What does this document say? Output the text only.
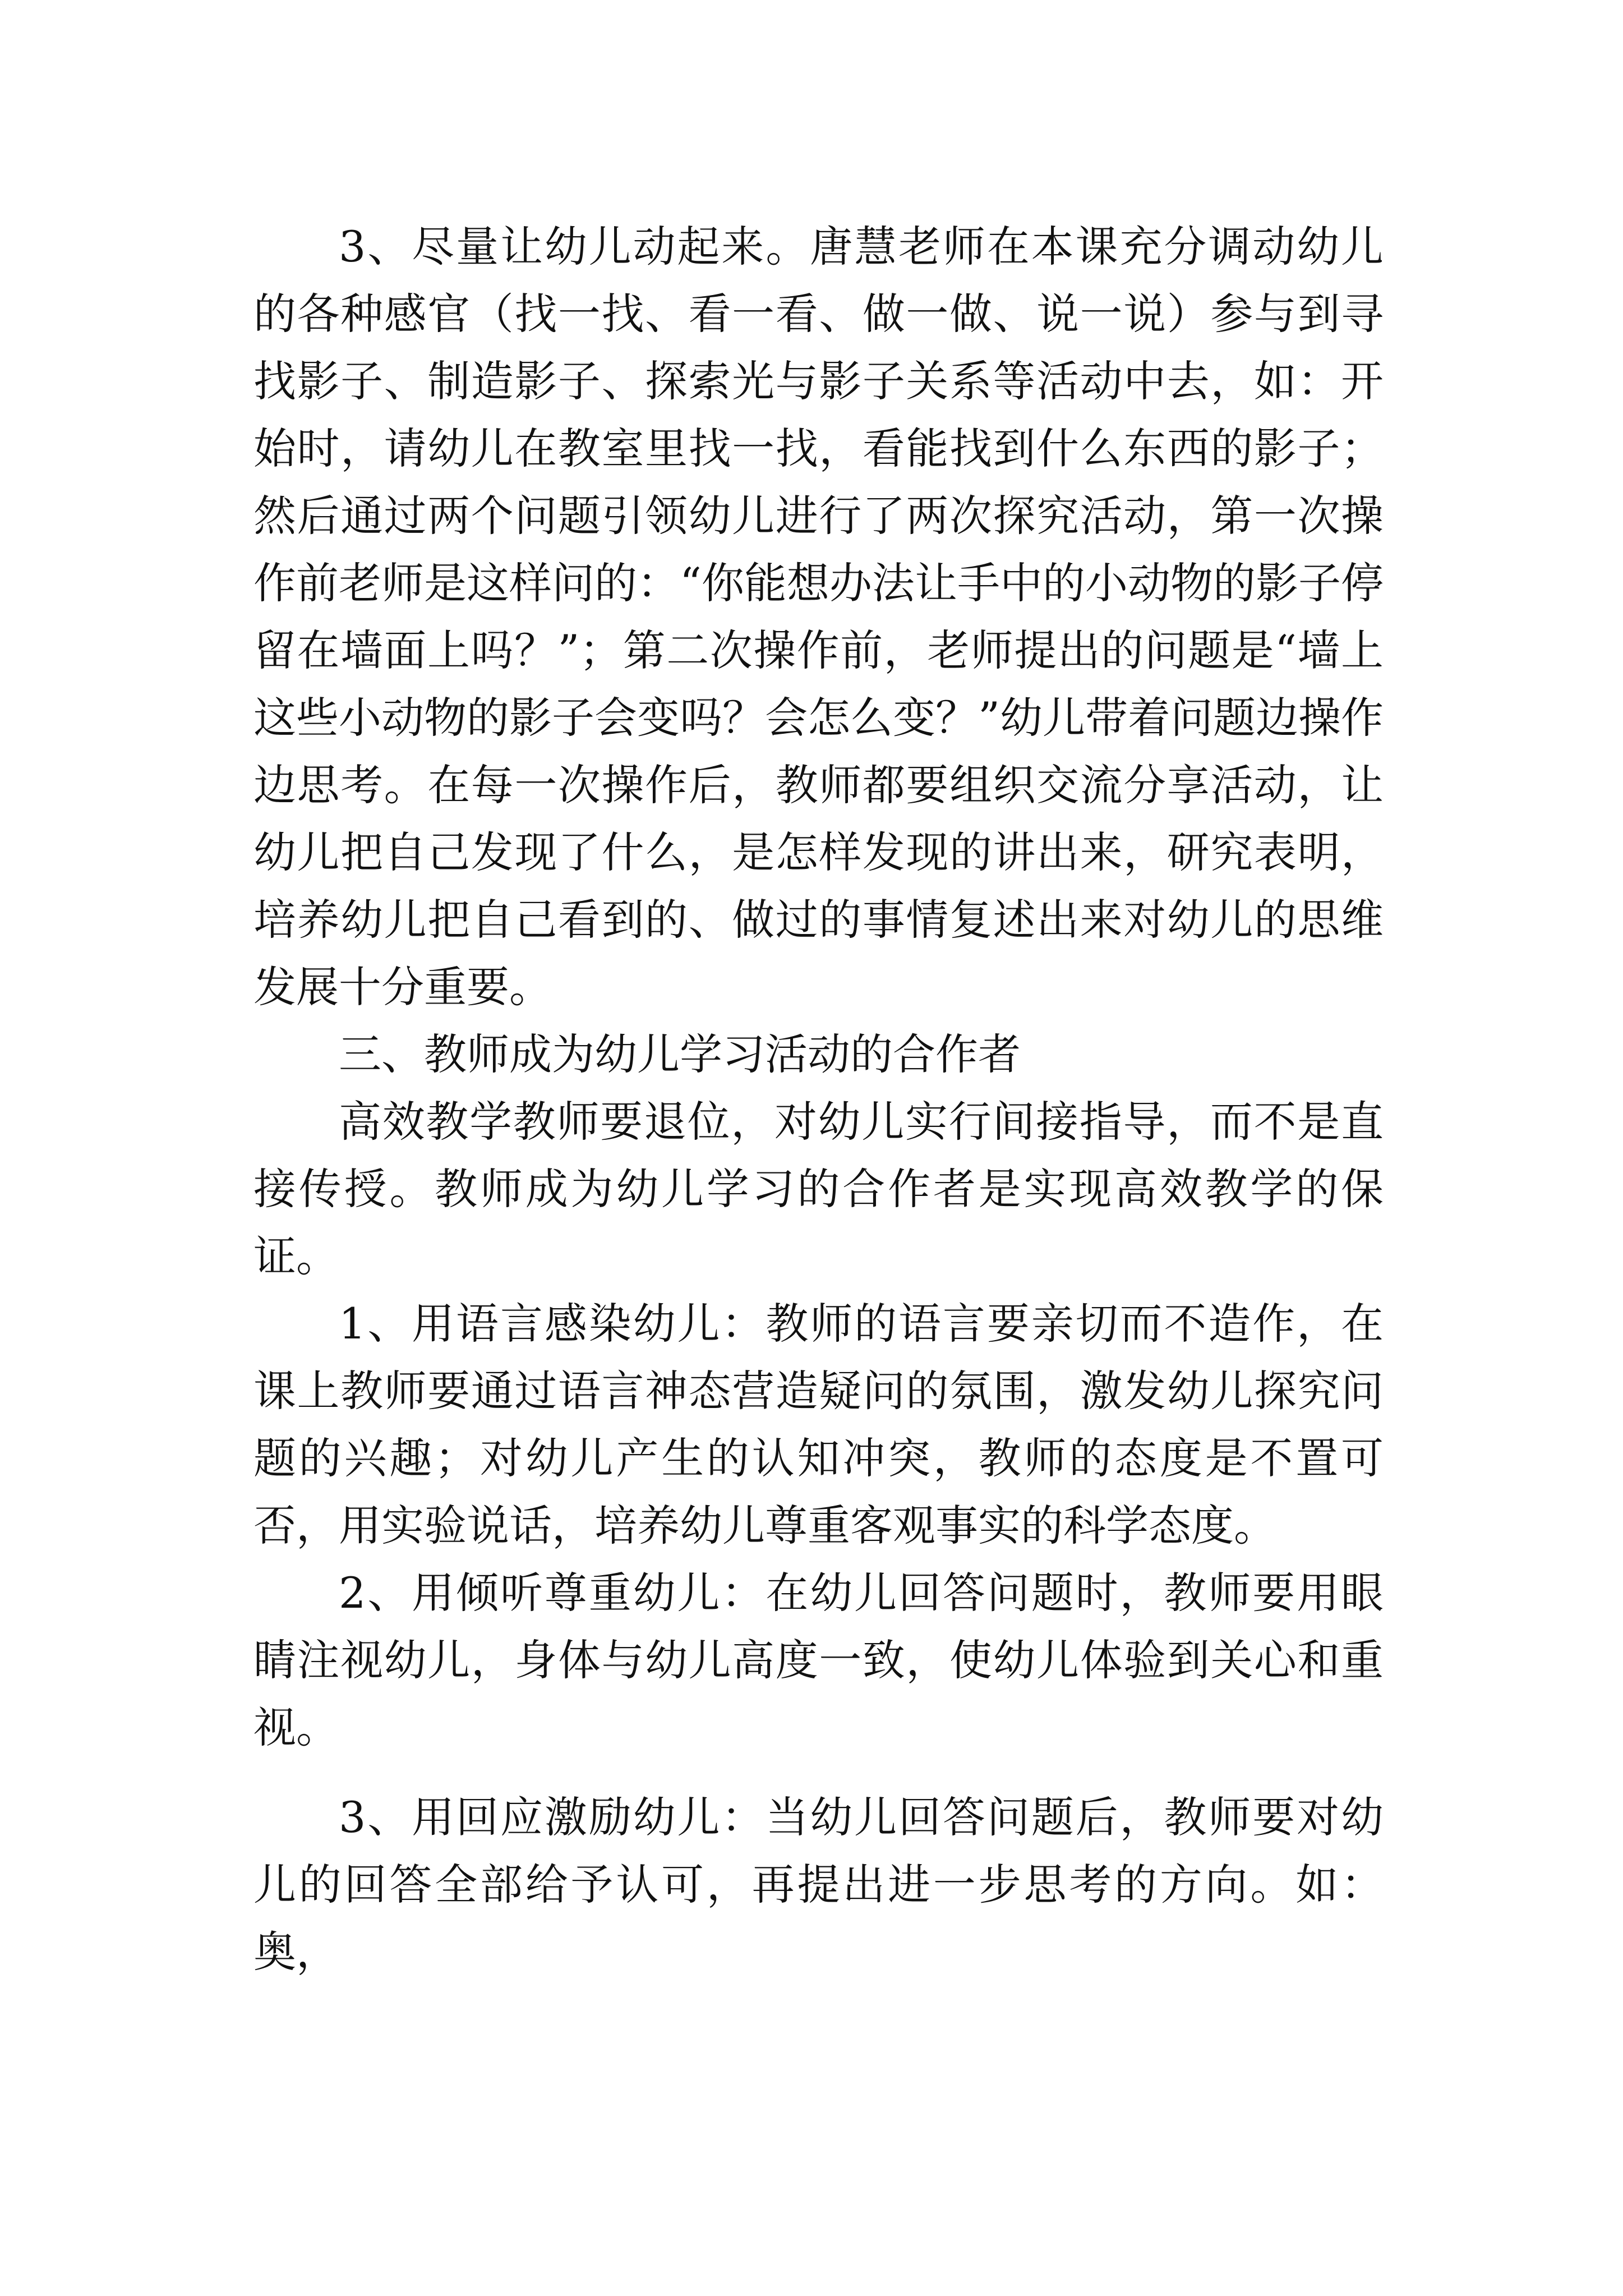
3、尽量让幼儿动起来。唐慧老师在本课充分调动幼儿的各种感官（找一找、看一看、做一做、说一说）参与到寻找影子、制造影子、探索光与影子关系等活动中去，如：开始时，请幼儿在教室里找一找，看能找到什么东西的影子；然后通过两个问题引领幼儿进行了两次探究活动，第一次操作前老师是这样问的：“你能想办法让手中的小动物的影子停留在墙面上吗？”；第二次操作前，老师提出的问题是“墙上这些小动物的影子会变吗？会怎么变？”幼儿带着问题边操作边思考。在每一次操作后，教师都要组织交流分享活动，让幼儿把自己发现了什么，是怎样发现的讲出来，研究表明，培养幼儿把自己看到的、做过的事情复述出来对幼儿的思维发展十分重要。

三、教师成为幼儿学习活动的合作者

高效教学教师要退位，对幼儿实行间接指导，而不是直接传授。教师成为幼儿学习的合作者是实现高效教学的保证。

1、用语言感染幼儿：教师的语言要亲切而不造作，在课上教师要通过语言神态营造疑问的氛围，激发幼儿探究问题的兴趣；对幼儿产生的认知冲突，教师的态度是不置可否，用实验说话，培养幼儿尊重客观事实的科学态度。

2、用倾听尊重幼儿：在幼儿回答问题时，教师要用眼睛注视幼儿，身体与幼儿高度一致，使幼儿体验到关心和重视。

3、用回应激励幼儿：当幼儿回答问题后，教师要对幼儿的回答全部给予认可，再提出进一步思考的方向。如：奥，
